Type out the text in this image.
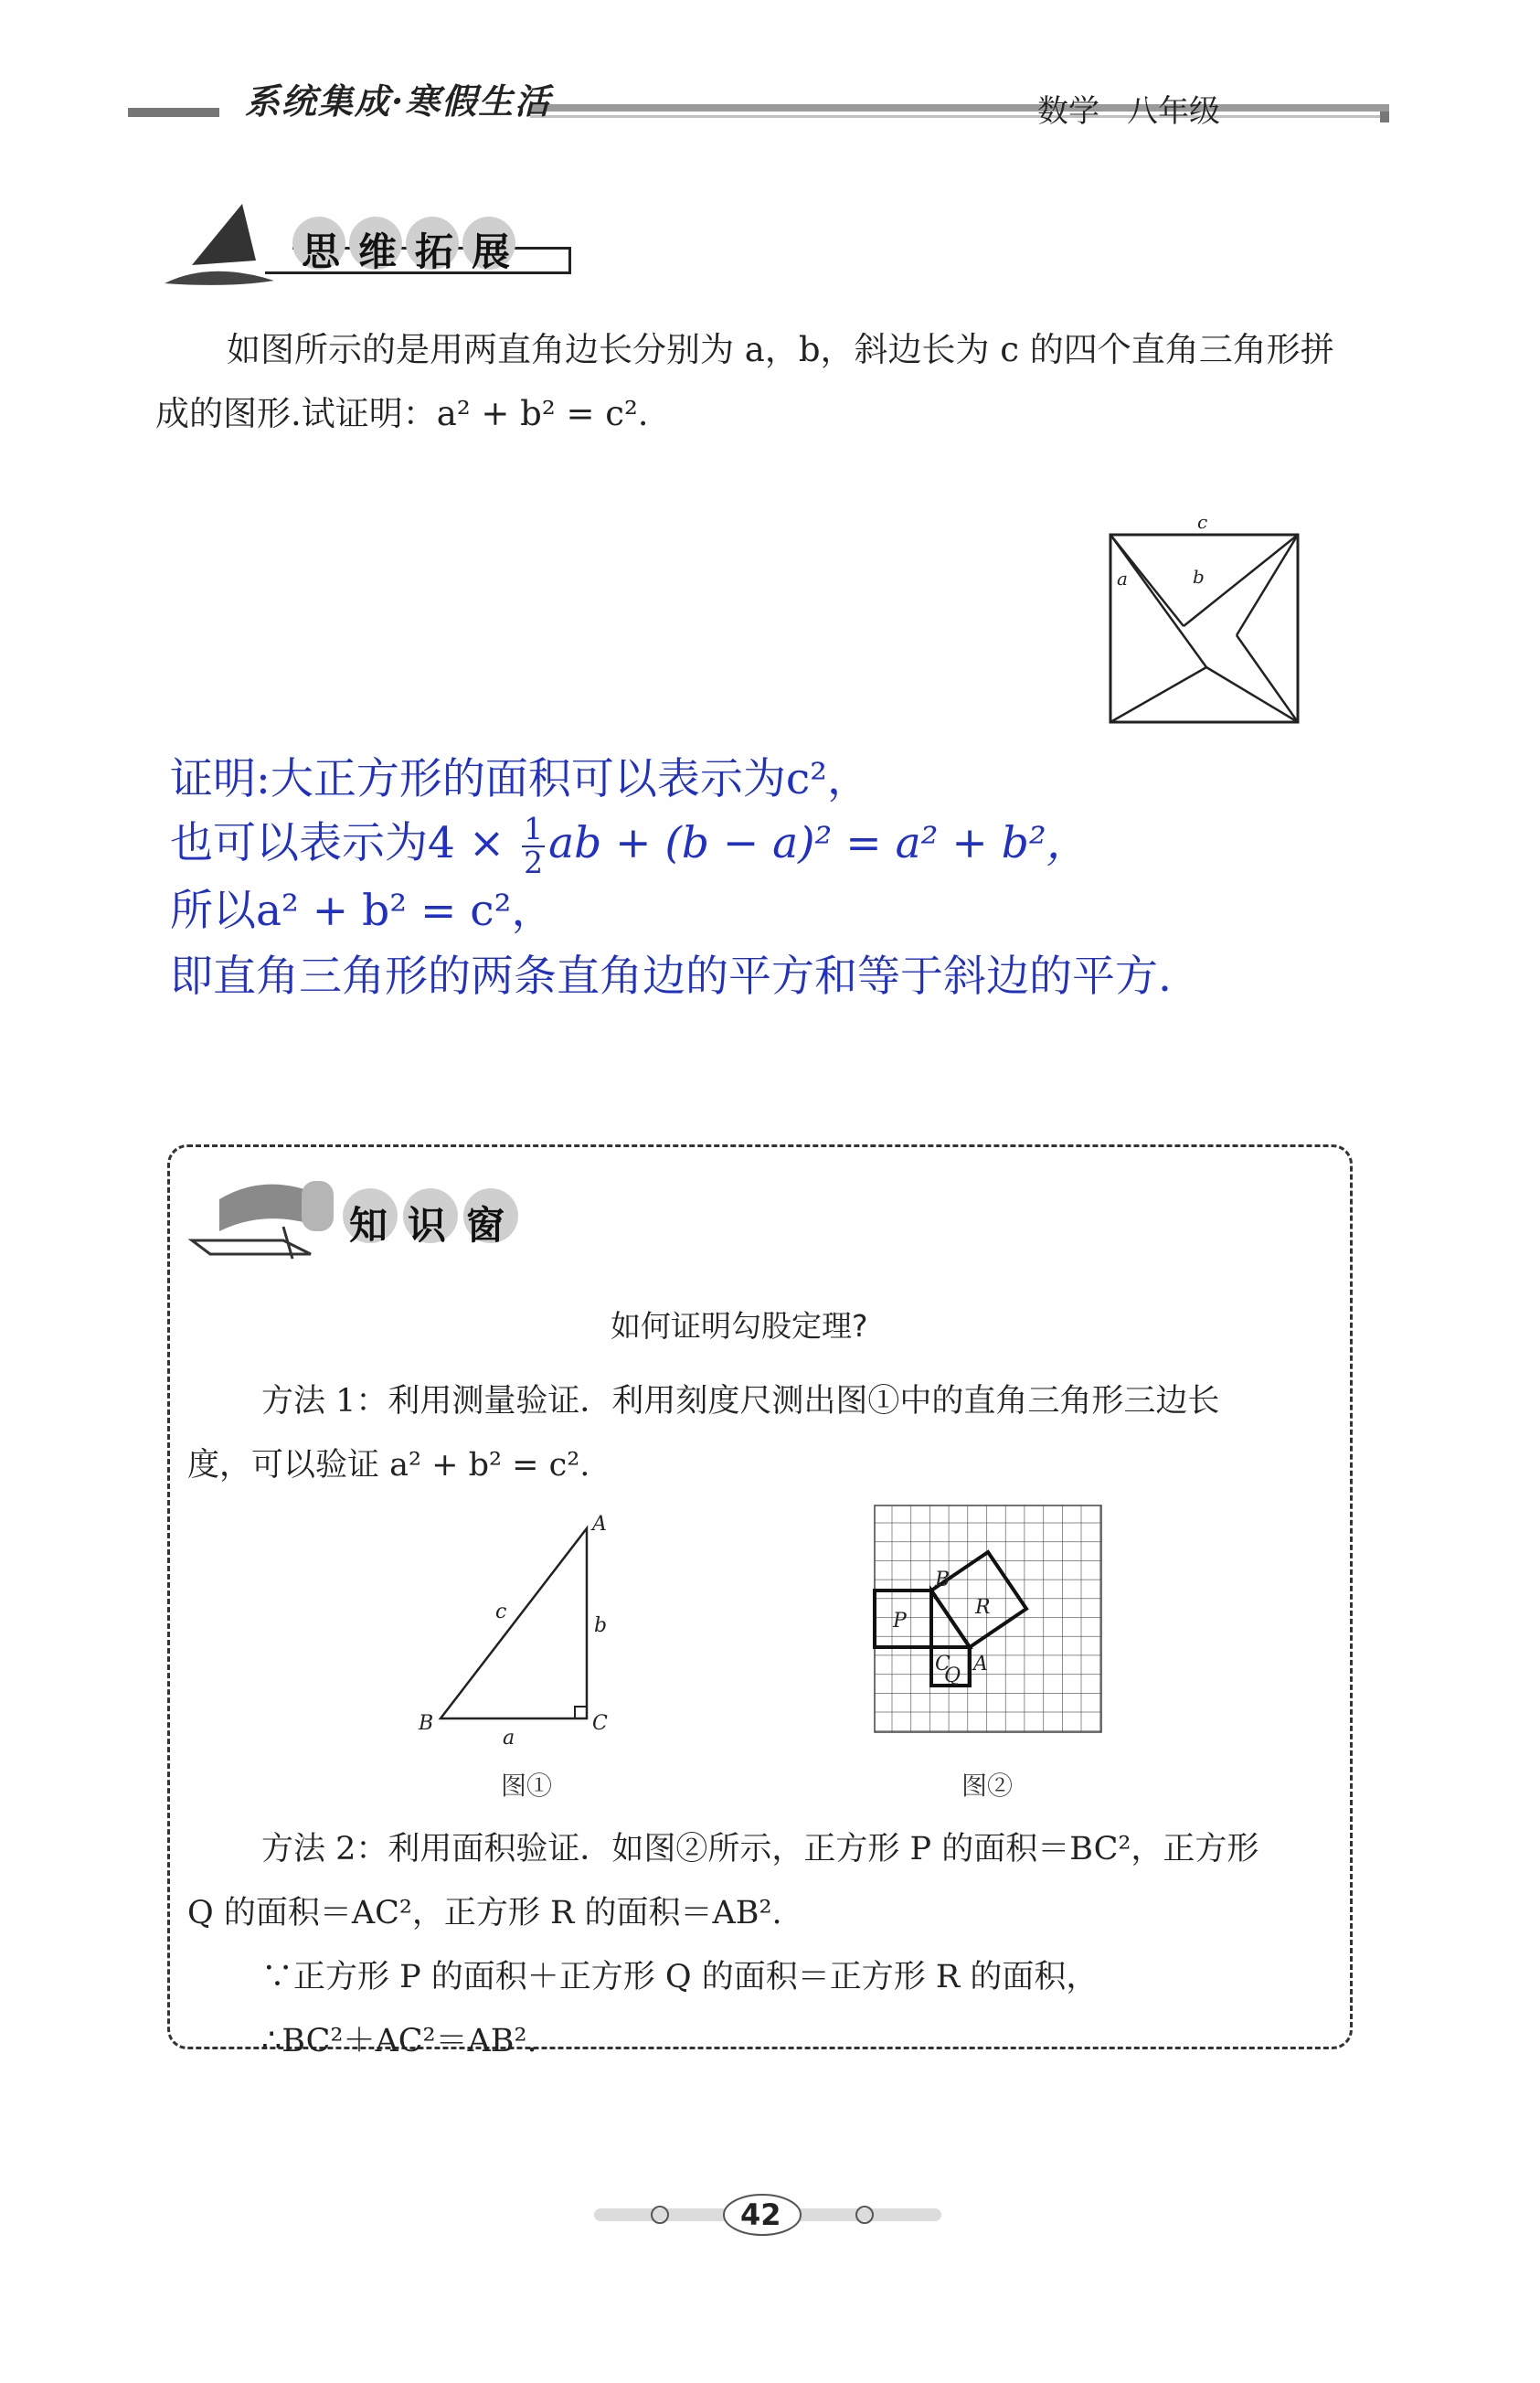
系统集成·寒假生活	数学 八年级
思维拓展
如图所示的是用两直角边长分别为 a，b，斜边长为 c 的四个直角三角形拼
成的图形.试证明：a² + b² = c².
c
a	b
证明:大正方形的面积可以表示为c²，
也可以表示为$4 \times \frac{1}{2}$ ab + (b − a)² = a² + b²，
所以a² + b² = c²，
即直角三角形的两条直角边的平方和等于斜边的平方.
知识窗
如何证明勾股定理?
方法 1：利用测量验证．利用刻度尺测出图①中的直角三角形三边长
度，可以验证 a² + b² = c².
A
B	C
a
b
c
图①
B
P
R
C A
Q
图②
方法 2：利用面积验证．如图②所示，正方形 P 的面积＝BC²，正方形
Q 的面积＝AC²，正方形 R 的面积＝AB².
∵正方形 P 的面积＋正方形 Q 的面积＝正方形 R 的面积，
∴BC²＋AC²＝AB².
42
